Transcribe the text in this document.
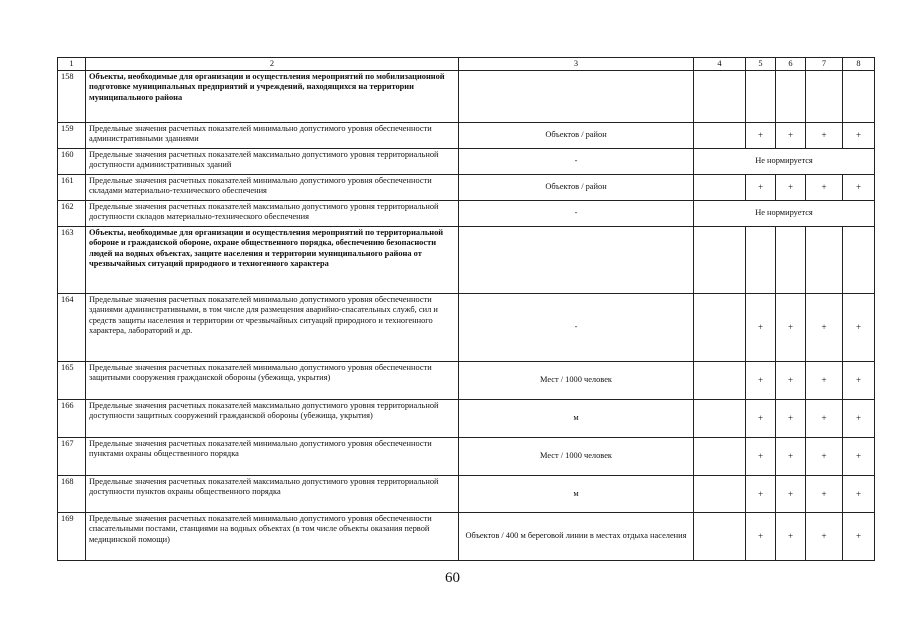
1	2	3	4	5	6	7	8
158	Объекты, необходимые для организации и осуществления мероприятий по мобилизационной подготовке муниципальных предприятий и учреждений, находящихся на территории муниципального района						
159	Предельные значения расчетных показателей минимально допустимого уровня обеспеченности административными зданиями	Объектов / район		+	+	+	+
160	Предельные значения расчетных показателей максимально допустимого уровня территориальной доступности административных зданий	-	Не нормируется				
161	Предельные значения расчетных показателей минимально допустимого уровня обеспеченности складами материально-технического обеспечения	Объектов / район		+	+	+	+
162	Предельные значения расчетных показателей максимально допустимого уровня территориальной доступности складов материально-технического обеспечения	-	Не нормируется				
163	Объекты, необходимые для организации и осуществления мероприятий по территориальной обороне и гражданской обороне, охране общественного порядка, обеспечению безопасности людей на водных объектах, защите населения и территории муниципального района от чрезвычайных ситуаций природного и техногенного характера						
164	Предельные значения расчетных показателей минимально допустимого уровня обеспеченности зданиями административными, в том числе для размещения аварийно-спасательных служб, сил и средств защиты населения и территории от чрезвычайных ситуаций природного и техногенного характера, лабораторий и др.	-		+	+	+	+
165	Предельные значения расчетных показателей минимально допустимого уровня обеспеченности защитными сооружения гражданской обороны (убежища, укрытия)	Мест / 1000 человек		+	+	+	+
166	Предельные значения расчетных показателей максимально допустимого уровня территориальной доступности защитных сооружений гражданской обороны (убежища, укрытия)	м		+	+	+	+
167	Предельные значения расчетных показателей минимально допустимого уровня обеспеченности пунктами охраны общественного порядка	Мест / 1000 человек		+	+	+	+
168	Предельные значения расчетных показателей максимально допустимого уровня территориальной доступности пунктов охраны общественного порядка	м		+	+	+	+
169	Предельные значения расчетных показателей минимально допустимого уровня обеспеченности спасательными постами, станциями на водных объектах (в том числе объекты оказания первой медицинской помощи)	Объектов / 400 м береговой линии в местах отдыха населения		+	+	+	+
60
